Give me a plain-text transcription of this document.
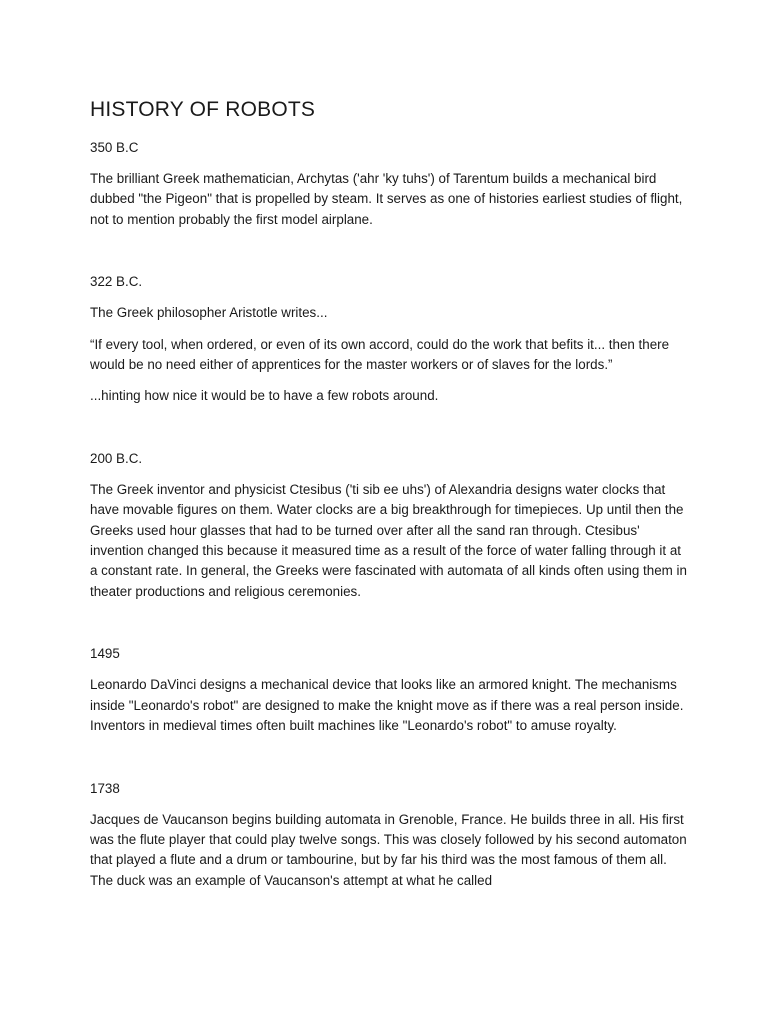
HISTORY OF ROBOTS
350 B.C

The brilliant Greek mathematician, Archytas ('ahr 'ky tuhs') of Tarentum builds a mechanical bird dubbed "the Pigeon" that is propelled by steam. It serves as one of histories earliest studies of flight, not to mention probably the first model airplane.

322 B.C.

The Greek philosopher Aristotle writes...

“If every tool, when ordered, or even of its own accord, could do the work that befits it... then there would be no need either of apprentices for the master workers or of slaves for the lords.”

...hinting how nice it would be to have a few robots around.

200 B.C.

The Greek inventor and physicist Ctesibus ('ti sib ee uhs') of Alexandria designs water clocks that have movable figures on them. Water clocks are a big breakthrough for timepieces. Up until then the Greeks used hour glasses that had to be turned over after all the sand ran through. Ctesibus' invention changed this because it measured time as a result of the force of water falling through it at a constant rate. In general, the Greeks were fascinated with automata of all kinds often using them in theater productions and religious ceremonies.

1495

Leonardo DaVinci designs a mechanical device that looks like an armored knight. The mechanisms inside "Leonardo's robot" are designed to make the knight move as if there was a real person inside. Inventors in medieval times often built machines like "Leonardo's robot" to amuse royalty.

1738

Jacques de Vaucanson begins building automata in Grenoble, France. He builds three in all. His first was the flute player that could play twelve songs. This was closely followed by his second automaton that played a flute and a drum or tambourine, but by far his third was the most famous of them all. The duck was an example of Vaucanson's attempt at what he called
